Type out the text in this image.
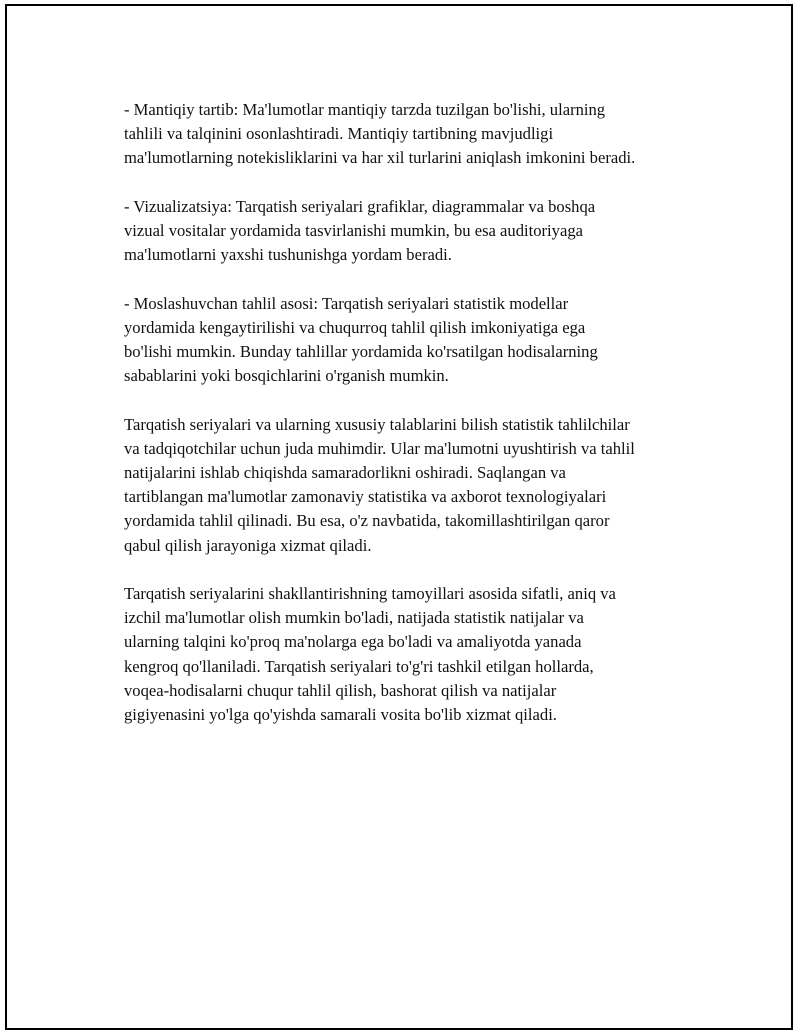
- Mantiqiy tartib: Ma'lumotlar mantiqiy tarzda tuzilgan bo'lishi, ularning
tahlili va talqinini osonlashtiradi. Mantiqiy tartibning mavjudligi
ma'lumotlarning notekisliklarini va har xil turlarini aniqlash imkonini beradi.

- Vizualizatsiya: Tarqatish seriyalari grafiklar, diagrammalar va boshqa
vizual vositalar yordamida tasvirlanishi mumkin, bu esa auditoriyaga
ma'lumotlarni yaxshi tushunishga yordam beradi.

- Moslashuvchan tahlil asosi: Tarqatish seriyalari statistik modellar
yordamida kengaytirilishi va chuqurroq tahlil qilish imkoniyatiga ega
bo'lishi mumkin. Bunday tahlillar yordamida ko'rsatilgan hodisalarning
sabablarini yoki bosqichlarini o'rganish mumkin.

Tarqatish seriyalari va ularning xususiy talablarini bilish statistik tahlilchilar
va tadqiqotchilar uchun juda muhimdir. Ular ma'lumotni uyushtirish va tahlil
natijalarini ishlab chiqishda samaradorlikni oshiradi. Saqlangan va
tartiblangan ma'lumotlar zamonaviy statistika va axborot texnologiyalari
yordamida tahlil qilinadi. Bu esa, o'z navbatida, takomillashtirilgan qaror
qabul qilish jarayoniga xizmat qiladi.

Tarqatish seriyalarini shakllantirishning tamoyillari asosida sifatli, aniq va
izchil ma'lumotlar olish mumkin bo'ladi, natijada statistik natijalar va
ularning talqini ko'proq ma'nolarga ega bo'ladi va amaliyotda yanada
kengroq qo'llaniladi. Tarqatish seriyalari to'g'ri tashkil etilgan hollarda,
voqea-hodisalarni chuqur tahlil qilish, bashorat qilish va natijalar
gigiyenasini yo'lga qo'yishda samarali vosita bo'lib xizmat qiladi.
